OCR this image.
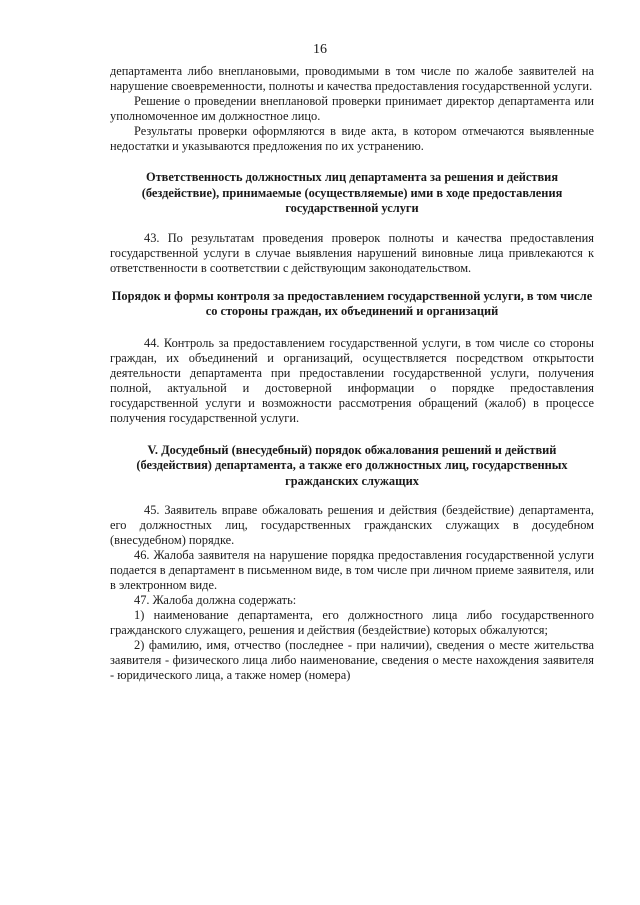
16

департамента либо внеплановыми, проводимыми в том числе по жалобе заявителей на нарушение своевременности, полноты и качества предоставления государственной услуги.

Решение о проведении внеплановой проверки принимает директор департамента или уполномоченное им должностное лицо.

Результаты проверки оформляются в виде акта, в котором отмечаются выявленные недостатки и указываются предложения по их устранению.

Ответственность должностных лиц департамента за решения и действия (бездействие), принимаемые (осуществляемые) ими в ходе предоставления государственной услуги

43. По результатам проведения проверок полноты и качества предоставления государственной услуги в случае выявления нарушений виновные лица привлекаются к ответственности в соответствии с действующим законодательством.

Порядок и формы контроля за предоставлением государственной услуги, в том числе со стороны граждан, их объединений и организаций

44. Контроль за предоставлением государственной услуги, в том числе со стороны граждан, их объединений и организаций, осуществляется посредством открытости деятельности департамента при предоставлении государственной услуги, получения полной, актуальной и достоверной информации о порядке предоставления государственной услуги и возможности рассмотрения обращений (жалоб) в процессе получения государственной услуги.

V. Досудебный (внесудебный) порядок обжалования решений и действий (бездействия) департамента, а также его должностных лиц, государственных гражданских служащих

45. Заявитель вправе обжаловать решения и действия (бездействие) департамента, его должностных лиц, государственных гражданских служащих в досудебном (внесудебном) порядке.

46. Жалоба заявителя на нарушение порядка предоставления государственной услуги подается в департамент в письменном виде, в том числе при личном приеме заявителя, или в электронном виде.

47. Жалоба должна содержать:

1) наименование департамента, его должностного лица либо государственного гражданского служащего, решения и действия (бездействие) которых обжалуются;

2) фамилию, имя, отчество (последнее - при наличии), сведения о месте жительства заявителя - физического лица либо наименование, сведения о месте нахождения заявителя - юридического лица, а также номер (номера)
